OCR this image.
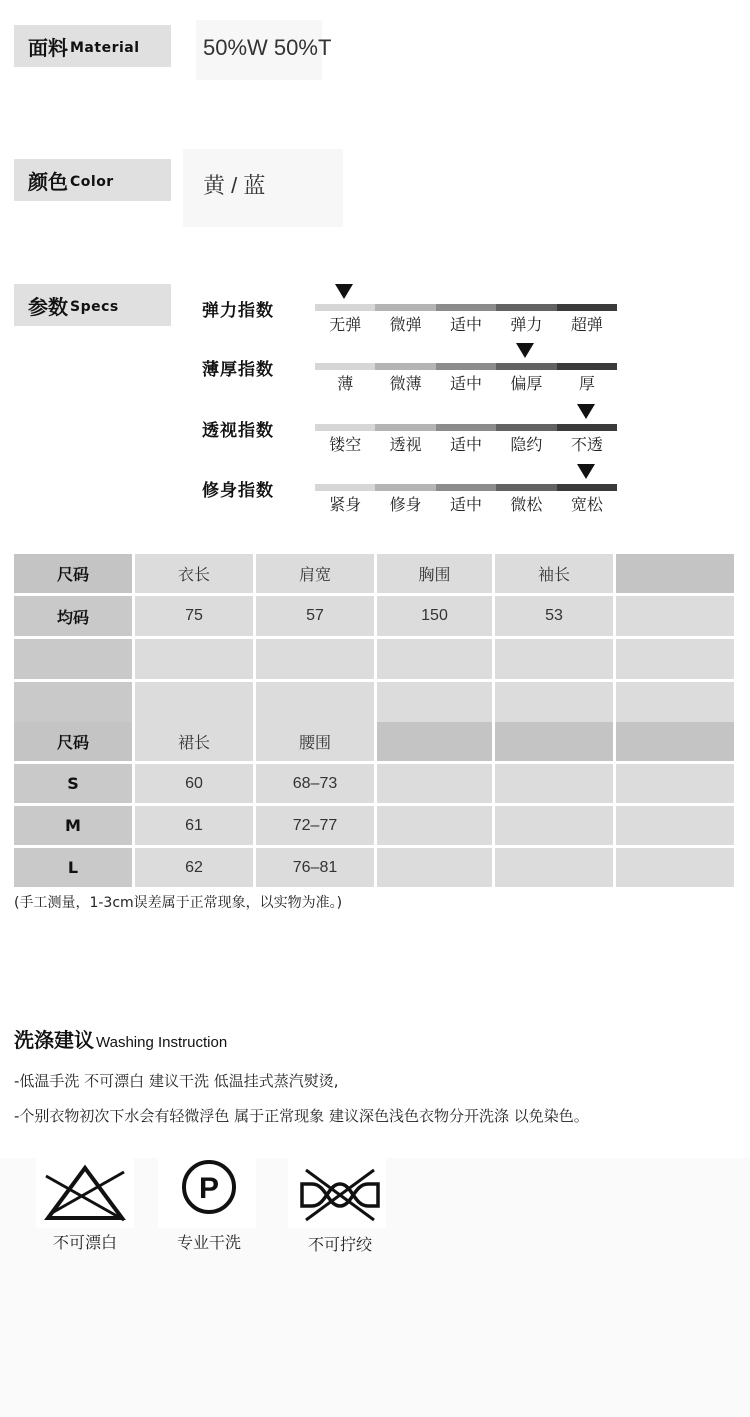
面料 Material	50%W 50%T
颜色 Color	黄 / 蓝
参数 Specs	弹力指数
无弹	微弹	适中	弹力	超弹
薄厚指数
薄	微薄	适中	偏厚	厚
透视指数
镂空	透视	适中	隐约	不透
修身指数
紧身	修身	适中	微松	宽松
尺码	衣长	肩宽	胸围	袖长	
均码	75	57	150	53	

尺码	裙长	腰围			
S	60	68–73			
M	61	72–77			
L	62	76–81			
(手工测量，1-3cm误差属于正常现象，以实物为准。)
洗涤建议 Washing Instruction
-低温手洗 不可漂白 建议干洗 低温挂式蒸汽熨烫,
-个别衣物初次下水会有轻微浮色 属于正常现象 建议深色浅色衣物分开洗涤 以免染色。
不可漂白
P
专业干洗	不可拧绞
